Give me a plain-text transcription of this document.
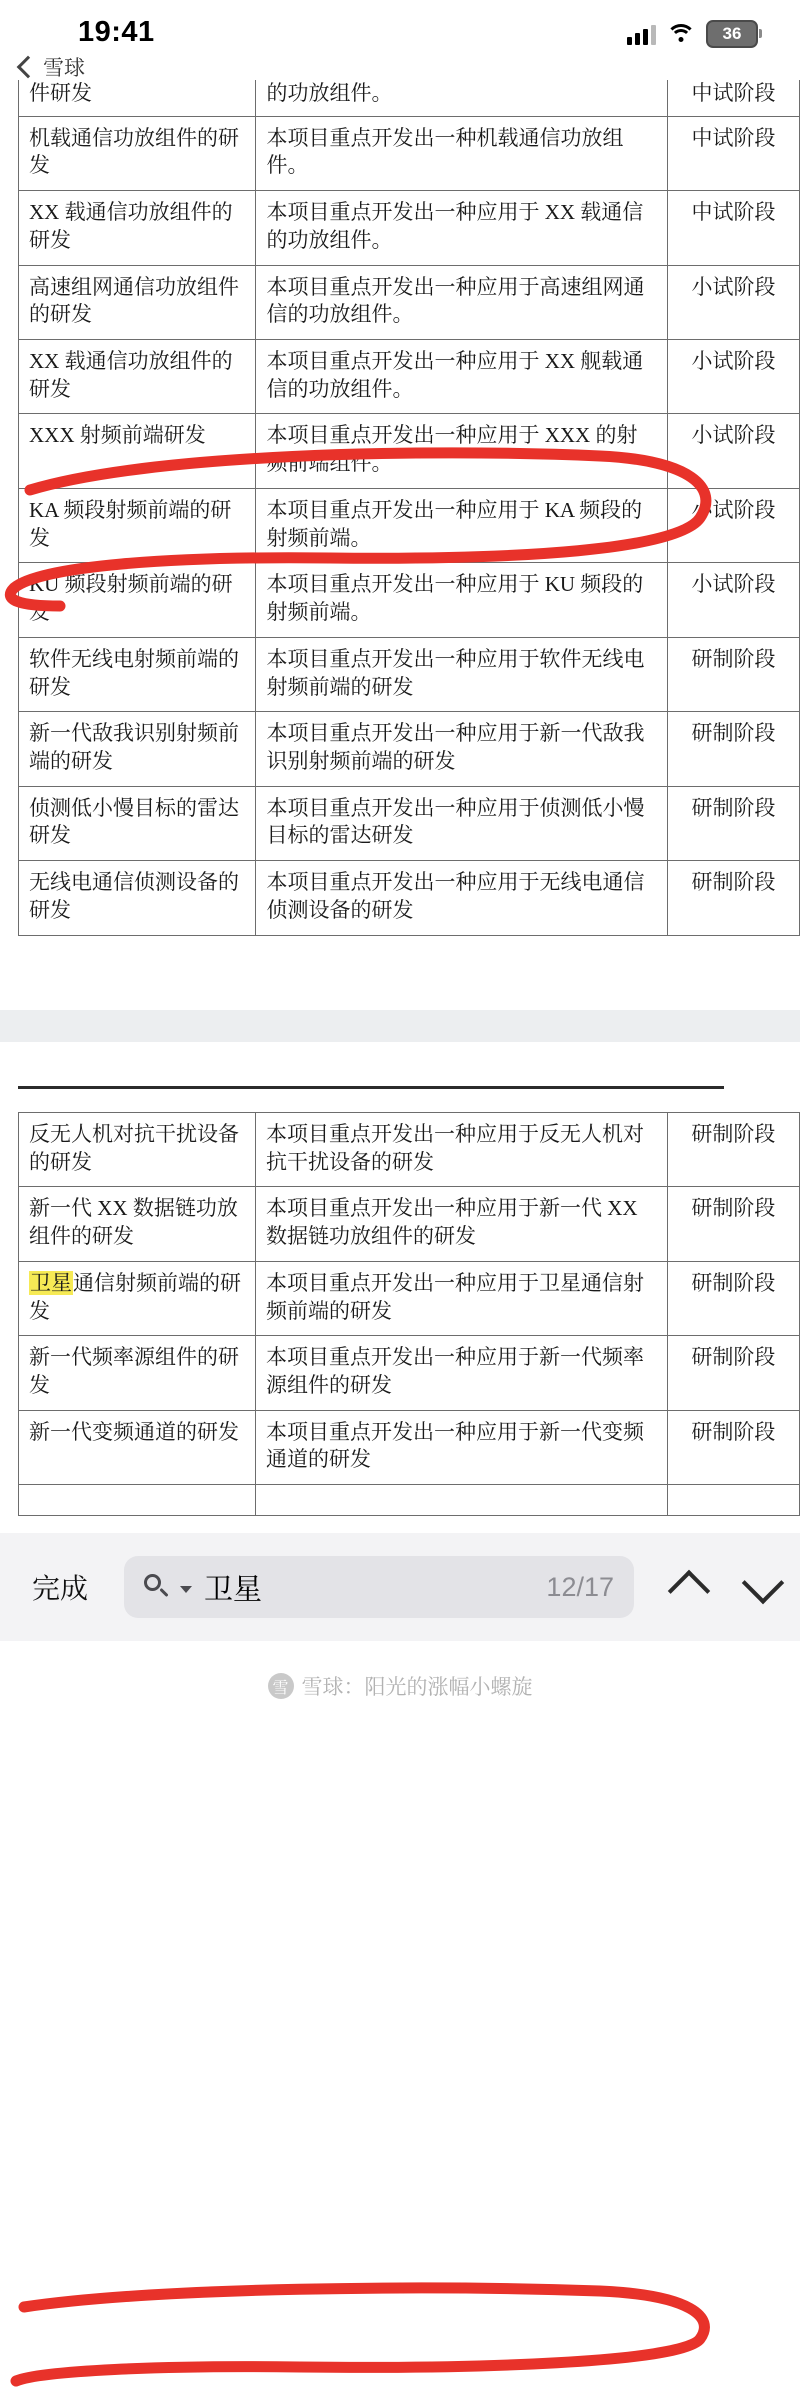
19:41	36
雪球
件研发	的功放组件。	中试阶段
机载通信功放组件的研发	本项目重点开发出一种机载通信功放组件。	中试阶段
XX 载通信功放组件的研发	本项目重点开发出一种应用于 XX 载通信的功放组件。	中试阶段
高速组网通信功放组件的研发	本项目重点开发出一种应用于高速组网通信的功放组件。	小试阶段
XX 载通信功放组件的研发	本项目重点开发出一种应用于 XX 舰载通信的功放组件。	小试阶段
XXX 射频前端研发	本项目重点开发出一种应用于 XXX 的射频前端组件。	小试阶段
KA 频段射频前端的研发	本项目重点开发出一种应用于 KA 频段的射频前端。	小试阶段
KU 频段射频前端的研发	本项目重点开发出一种应用于 KU 频段的射频前端。	小试阶段
软件无线电射频前端的研发	本项目重点开发出一种应用于软件无线电射频前端的研发	研制阶段
新一代敌我识别射频前端的研发	本项目重点开发出一种应用于新一代敌我识别射频前端的研发	研制阶段
侦测低小慢目标的雷达研发	本项目重点开发出一种应用于侦测低小慢目标的雷达研发	研制阶段
无线电通信侦测设备的研发	本项目重点开发出一种应用于无线电通信侦测设备的研发	研制阶段
反无人机对抗干扰设备的研发	本项目重点开发出一种应用于反无人机对抗干扰设备的研发	研制阶段
新一代 XX 数据链功放组件的研发	本项目重点开发出一种应用于新一代 XX 数据链功放组件的研发	研制阶段
卫星通信射频前端的研发	本项目重点开发出一种应用于卫星通信射频前端的研发	研制阶段
新一代频率源组件的研发	本项目重点开发出一种应用于新一代频率源组件的研发	研制阶段
新一代变频通道的研发	本项目重点开发出一种应用于新一代变频通道的研发	研制阶段

完成	卫星	12/17
雪 雪球：阳光的涨幅小螺旋
